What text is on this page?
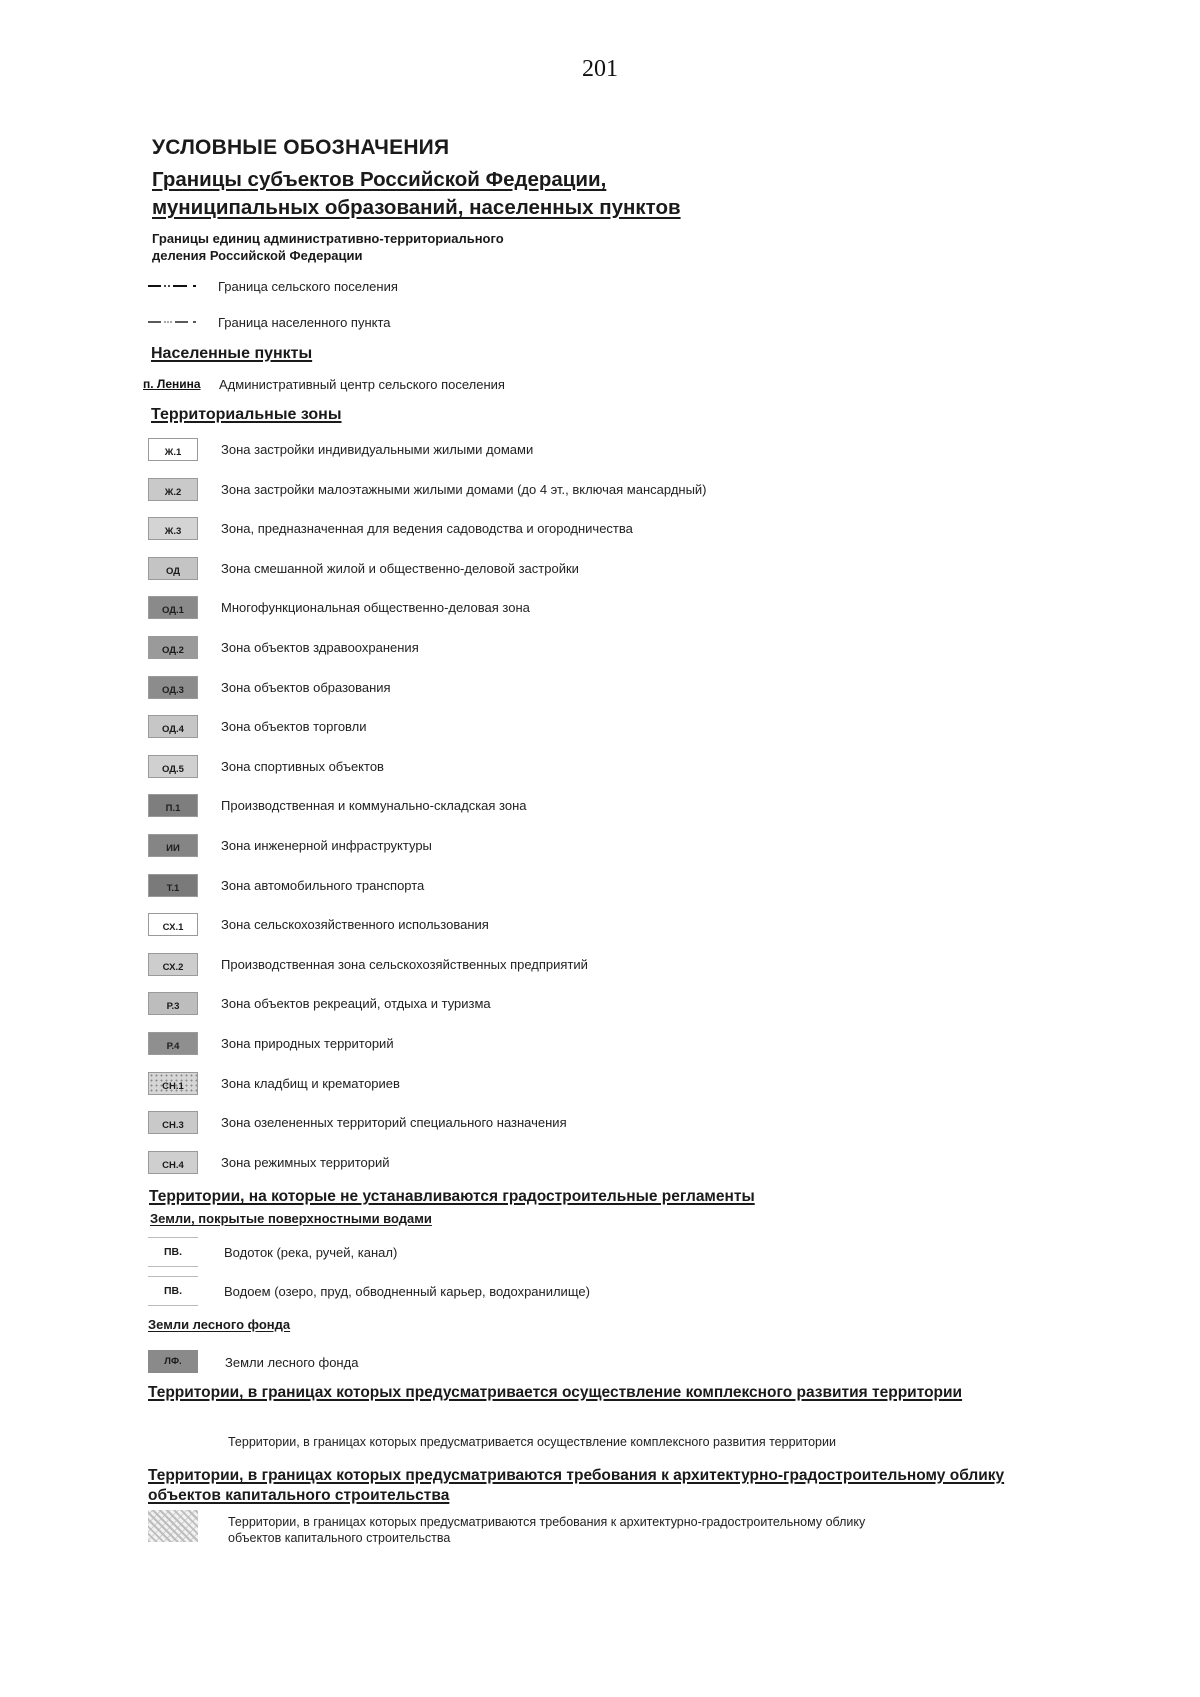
201
УСЛОВНЫЕ ОБОЗНАЧЕНИЯ
Границы субъектов Российской Федерации,
муниципальных образований, населенных пунктов
Границы единиц административно-территориального
деления Российской Федерации
Граница сельского поселения
Граница населенного пункта
Населенные пункты
п. Ленина Административный центр сельского поселения
Территориальные зоны
Ж.1	Зона застройки индивидуальными жилыми домами
Ж.2	Зона застройки малоэтажными жилыми домами (до 4 эт., включая мансардный)
Ж.3	Зона, предназначенная для ведения садоводства и огородничества
ОД	Зона смешанной жилой и общественно-деловой застройки
ОД.1	Многофункциональная общественно-деловая зона
ОД.2	Зона объектов здравоохранения
ОД.3	Зона объектов образования
ОД.4	Зона объектов торговли
ОД.5	Зона спортивных объектов
П.1	Производственная и коммунально-складская зона
ИИ	Зона инженерной инфраструктуры
Т.1	Зона автомобильного транспорта
СХ.1	Зона сельскохозяйственного использования
СХ.2	Производственная зона сельскохозяйственных предприятий
Р.3	Зона объектов рекреаций, отдыха и туризма
Р.4	Зона природных территорий
СН.1	Зона кладбищ и крематориев
СН.3	Зона озелененных территорий специального назначения
СН.4	Зона режимных территорий
Территории, на которые не устанавливаются градостроительные регламенты
Земли, покрытые поверхностными водами
ПВ.	Водоток (река, ручей, канал)
ПВ.	Водоем (озеро, пруд, обводненный карьер, водохранилище)
Земли лесного фонда
ЛФ.	Земли лесного фонда
Территории, в границах которых предусматривается осуществление комплексного развития территории
Территории, в границах которых предусматривается осуществление комплексного развития территории
Территории, в границах которых предусматриваются требования к архитектурно-градостроительному облику
объектов капитального строительства
Территории, в границах которых предусматриваются требования к архитектурно-градостроительному облику
объектов капитального строительства
